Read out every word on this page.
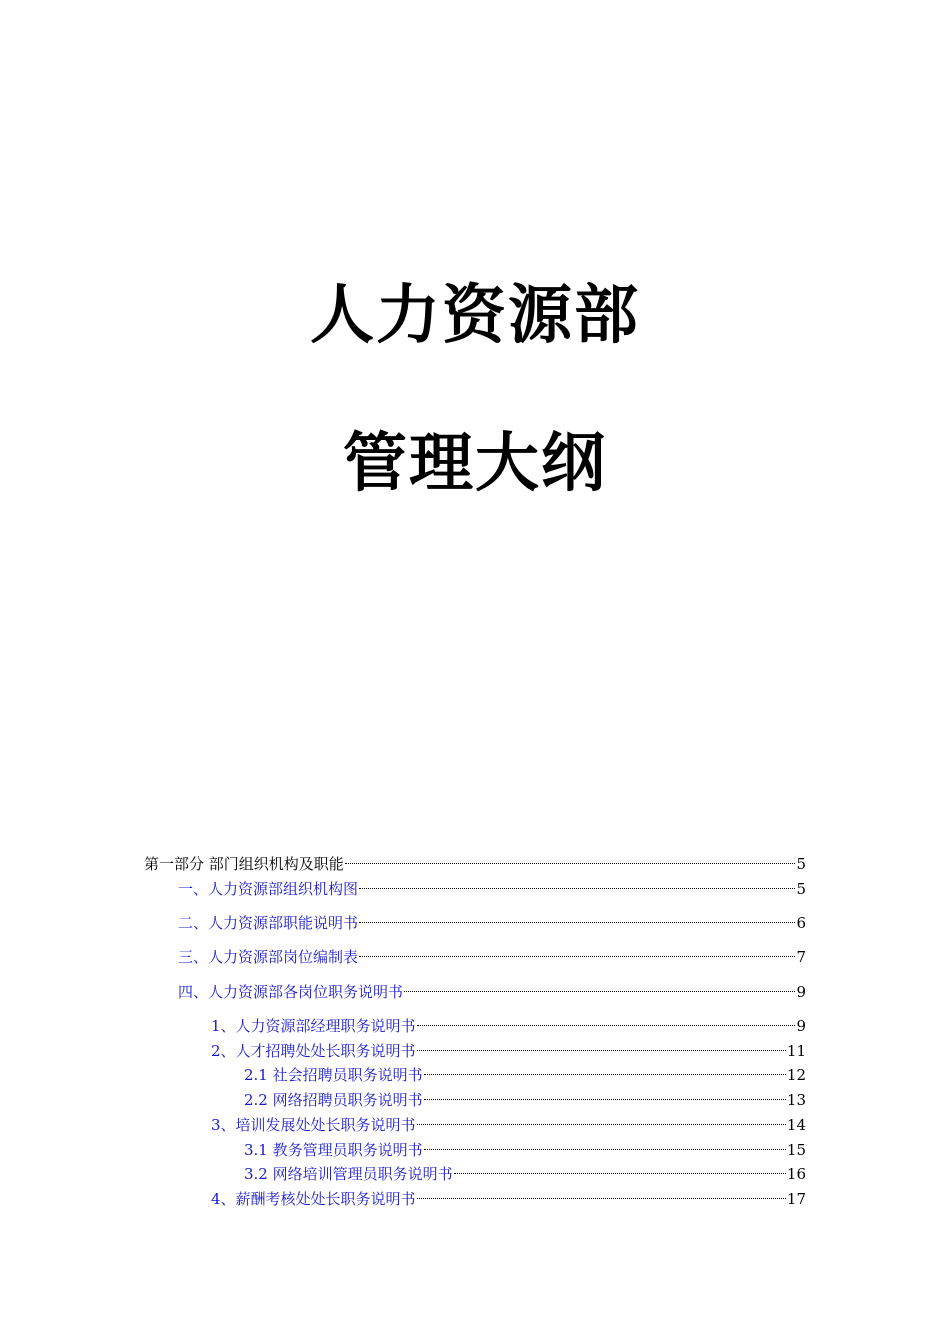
人力资源部
管理大纲
第一部分 部门组织机构及职能	5
一、人力资源部组织机构图	5
二、人力资源部职能说明书	6
三、人力资源部岗位编制表	7
四、人力资源部各岗位职务说明书	9
1、人力资源部经理职务说明书	9
2、人才招聘处处长职务说明书	11
2.1 社会招聘员职务说明书	12
2.2 网络招聘员职务说明书	13
3、培训发展处处长职务说明书	14
3.1 教务管理员职务说明书	15
3.2 网络培训管理员职务说明书	16
4、薪酬考核处处长职务说明书	17
